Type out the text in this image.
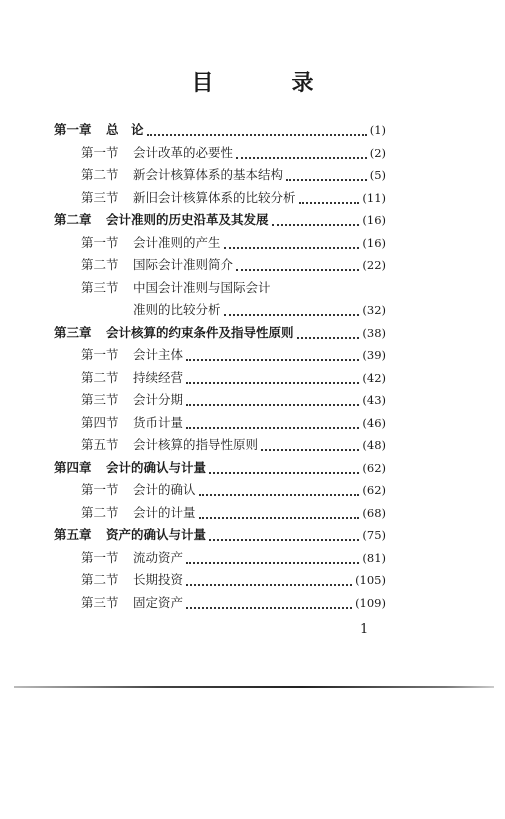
目　录
第一章	总　论	(1)
第一节	会计改革的必要性	(2)
第二节	新会计核算体系的基本结构	(5)
第三节	新旧会计核算体系的比较分析	(11)
第二章	会计准则的历史沿革及其发展	(16)
第一节	会计准则的产生	(16)
第二节	国际会计准则简介	(22)
第三节	中国会计准则与国际会计
准则的比较分析	(32)
第三章	会计核算的约束条件及指导性原则	(38)
第一节	会计主体	(39)
第二节	持续经营	(42)
第三节	会计分期	(43)
第四节	货币计量	(46)
第五节	会计核算的指导性原则	(48)
第四章	会计的确认与计量	(62)
第一节	会计的确认	(62)
第二节	会计的计量	(68)
第五章	资产的确认与计量	(75)
第一节	流动资产	(81)
第二节	长期投资	(105)
第三节	固定资产	(109)
1
